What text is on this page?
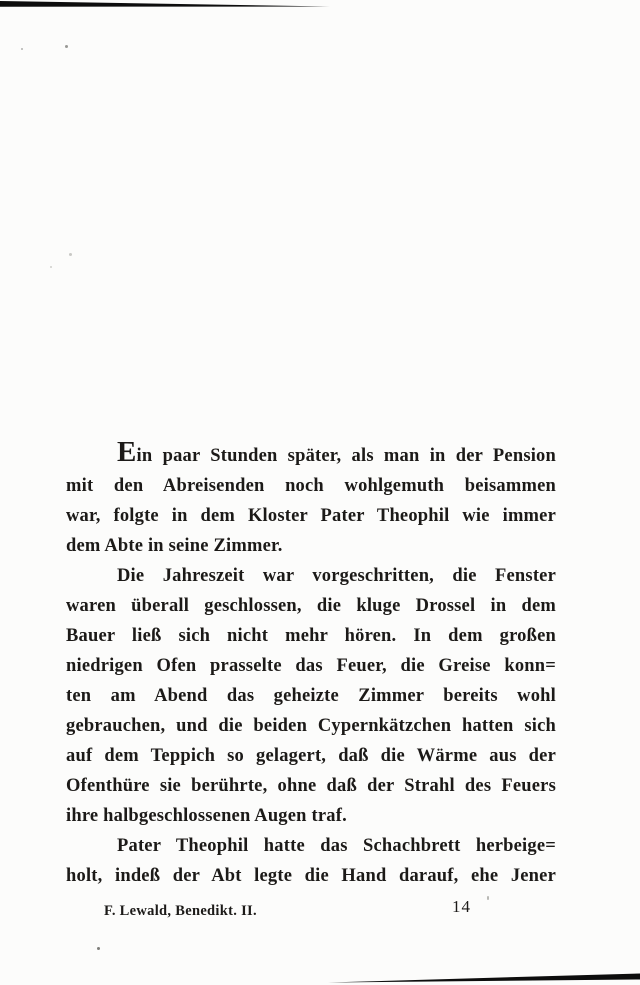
Ein paar Stunden später, als man in der Pension
mit den Abreisenden noch wohlgemuth beisammen
war, folgte in dem Kloster Pater Theophil wie immer
dem Abte in seine Zimmer.
Die Jahreszeit war vorgeschritten, die Fenster
waren überall geschlossen, die kluge Drossel in dem
Bauer ließ sich nicht mehr hören. In dem großen
niedrigen Ofen prasselte das Feuer, die Greise konn=
ten am Abend das geheizte Zimmer bereits wohl
gebrauchen, und die beiden Cypernkätzchen hatten sich
auf dem Teppich so gelagert, daß die Wärme aus der
Ofenthüre sie berührte, ohne daß der Strahl des Feuers
ihre halbgeschlossenen Augen traf.
Pater Theophil hatte das Schachbrett herbeige=
holt, indeß der Abt legte die Hand darauf, ehe Jener
F. Lewald, Benedikt. II.	14
